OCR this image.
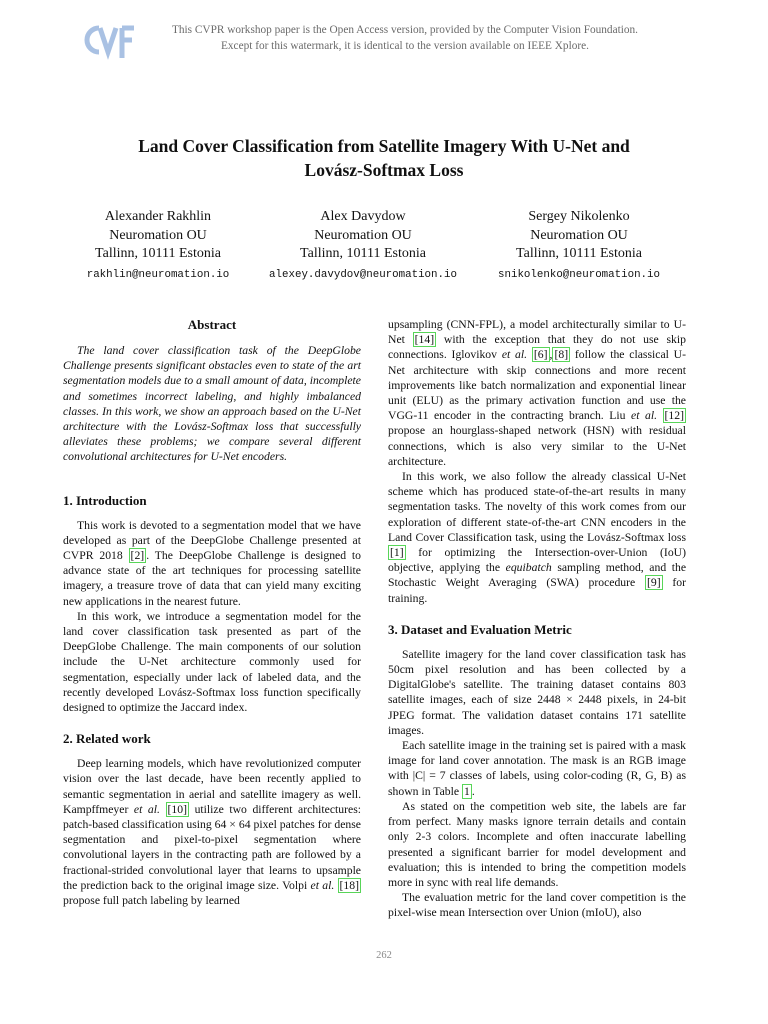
This CVPR workshop paper is the Open Access version, provided by the Computer Vision Foundation.
Except for this watermark, it is identical to the version available on IEEE Xplore.
Land Cover Classification from Satellite Imagery With U-Net and
Lovász-Softmax Loss
Alexander Rakhlin
Neuromation OU
Tallinn, 10111 Estonia
rakhlin@neuromation.io
Alex Davydow
Neuromation OU
Tallinn, 10111 Estonia
alexey.davydov@neuromation.io
Sergey Nikolenko
Neuromation OU
Tallinn, 10111 Estonia
snikolenko@neuromation.io
Abstract

The land cover classification task of the DeepGlobe Challenge presents significant obstacles even to state of the art segmentation models due to a small amount of data, incomplete and sometimes incorrect labeling, and highly imbalanced classes. In this work, we show an approach based on the U-Net architecture with the Lovász-Softmax loss that successfully alleviates these problems; we compare several different convolutional architectures for U-Net encoders.

1. Introduction

This work is devoted to a segmentation model that we have developed as part of the DeepGlobe Challenge presented at CVPR 2018 [2] . The DeepGlobe Challenge is designed to advance state of the art techniques for processing satellite imagery, a treasure trove of data that can yield many exciting new applications in the nearest future.

In this work, we introduce a segmentation model for the land cover classification task presented as part of the DeepGlobe Challenge. The main components of our solution include the U-Net architecture commonly used for segmentation, especially under lack of labeled data, and the recently developed Lovász-Softmax loss function specifically designed to optimize the Jaccard index.

2. Related work

Deep learning models, which have revolutionized computer vision over the last decade, have been recently applied to semantic segmentation in aerial and satellite imagery as well. Kampffmeyer et al. [10] utilize two different architectures: patch-based classification using 64 × 64 pixel patches for dense segmentation and pixel-to-pixel segmentation where convolutional layers in the contracting path are followed by a fractional-strided convolutional layer that learns to upsample the prediction back to the original image size. Volpi et al. [18] propose full patch labeling by learned

upsampling (CNN-FPL), a model architecturally similar to U-Net [14] with the exception that they do not use skip connections. Iglovikov et al. [6] , [8] follow the classical U-Net architecture with skip connections and more recent improvements like batch normalization and exponential linear unit (ELU) as the primary activation function and use the VGG-11 encoder in the contracting branch. Liu et al. [12] propose an hourglass-shaped network (HSN) with residual connections, which is also very similar to the U-Net architecture.

In this work, we also follow the already classical U-Net scheme which has produced state-of-the-art results in many segmentation tasks. The novelty of this work comes from our exploration of different state-of-the-art CNN encoders in the Land Cover Classification task, using the Lovász-Softmax loss [1] for optimizing the Intersection-over-Union (IoU) objective, applying the equibatch sampling method, and the Stochastic Weight Averaging (SWA) procedure [9] for training.

3. Dataset and Evaluation Metric

Satellite imagery for the land cover classification task has 50cm pixel resolution and has been collected by a DigitalGlobe's satellite. The training dataset contains 803 satellite images, each of size 2448 × 2448 pixels, in 24-bit JPEG format. The validation dataset contains 171 satellite images.

Each satellite image in the training set is paired with a mask image for land cover annotation. The mask is an RGB image with |C| = 7 classes of labels, using color-coding (R, G, B) as shown in Table 1 .

As stated on the competition web site, the labels are far from perfect. Many masks ignore terrain details and contain only 2-3 colors. Incomplete and often inaccurate labelling presented a significant barrier for model development and evaluation; this is intended to bring the competition models more in sync with real life demands.

The evaluation metric for the land cover competition is the pixel-wise mean Intersection over Union (mIoU), also

262
